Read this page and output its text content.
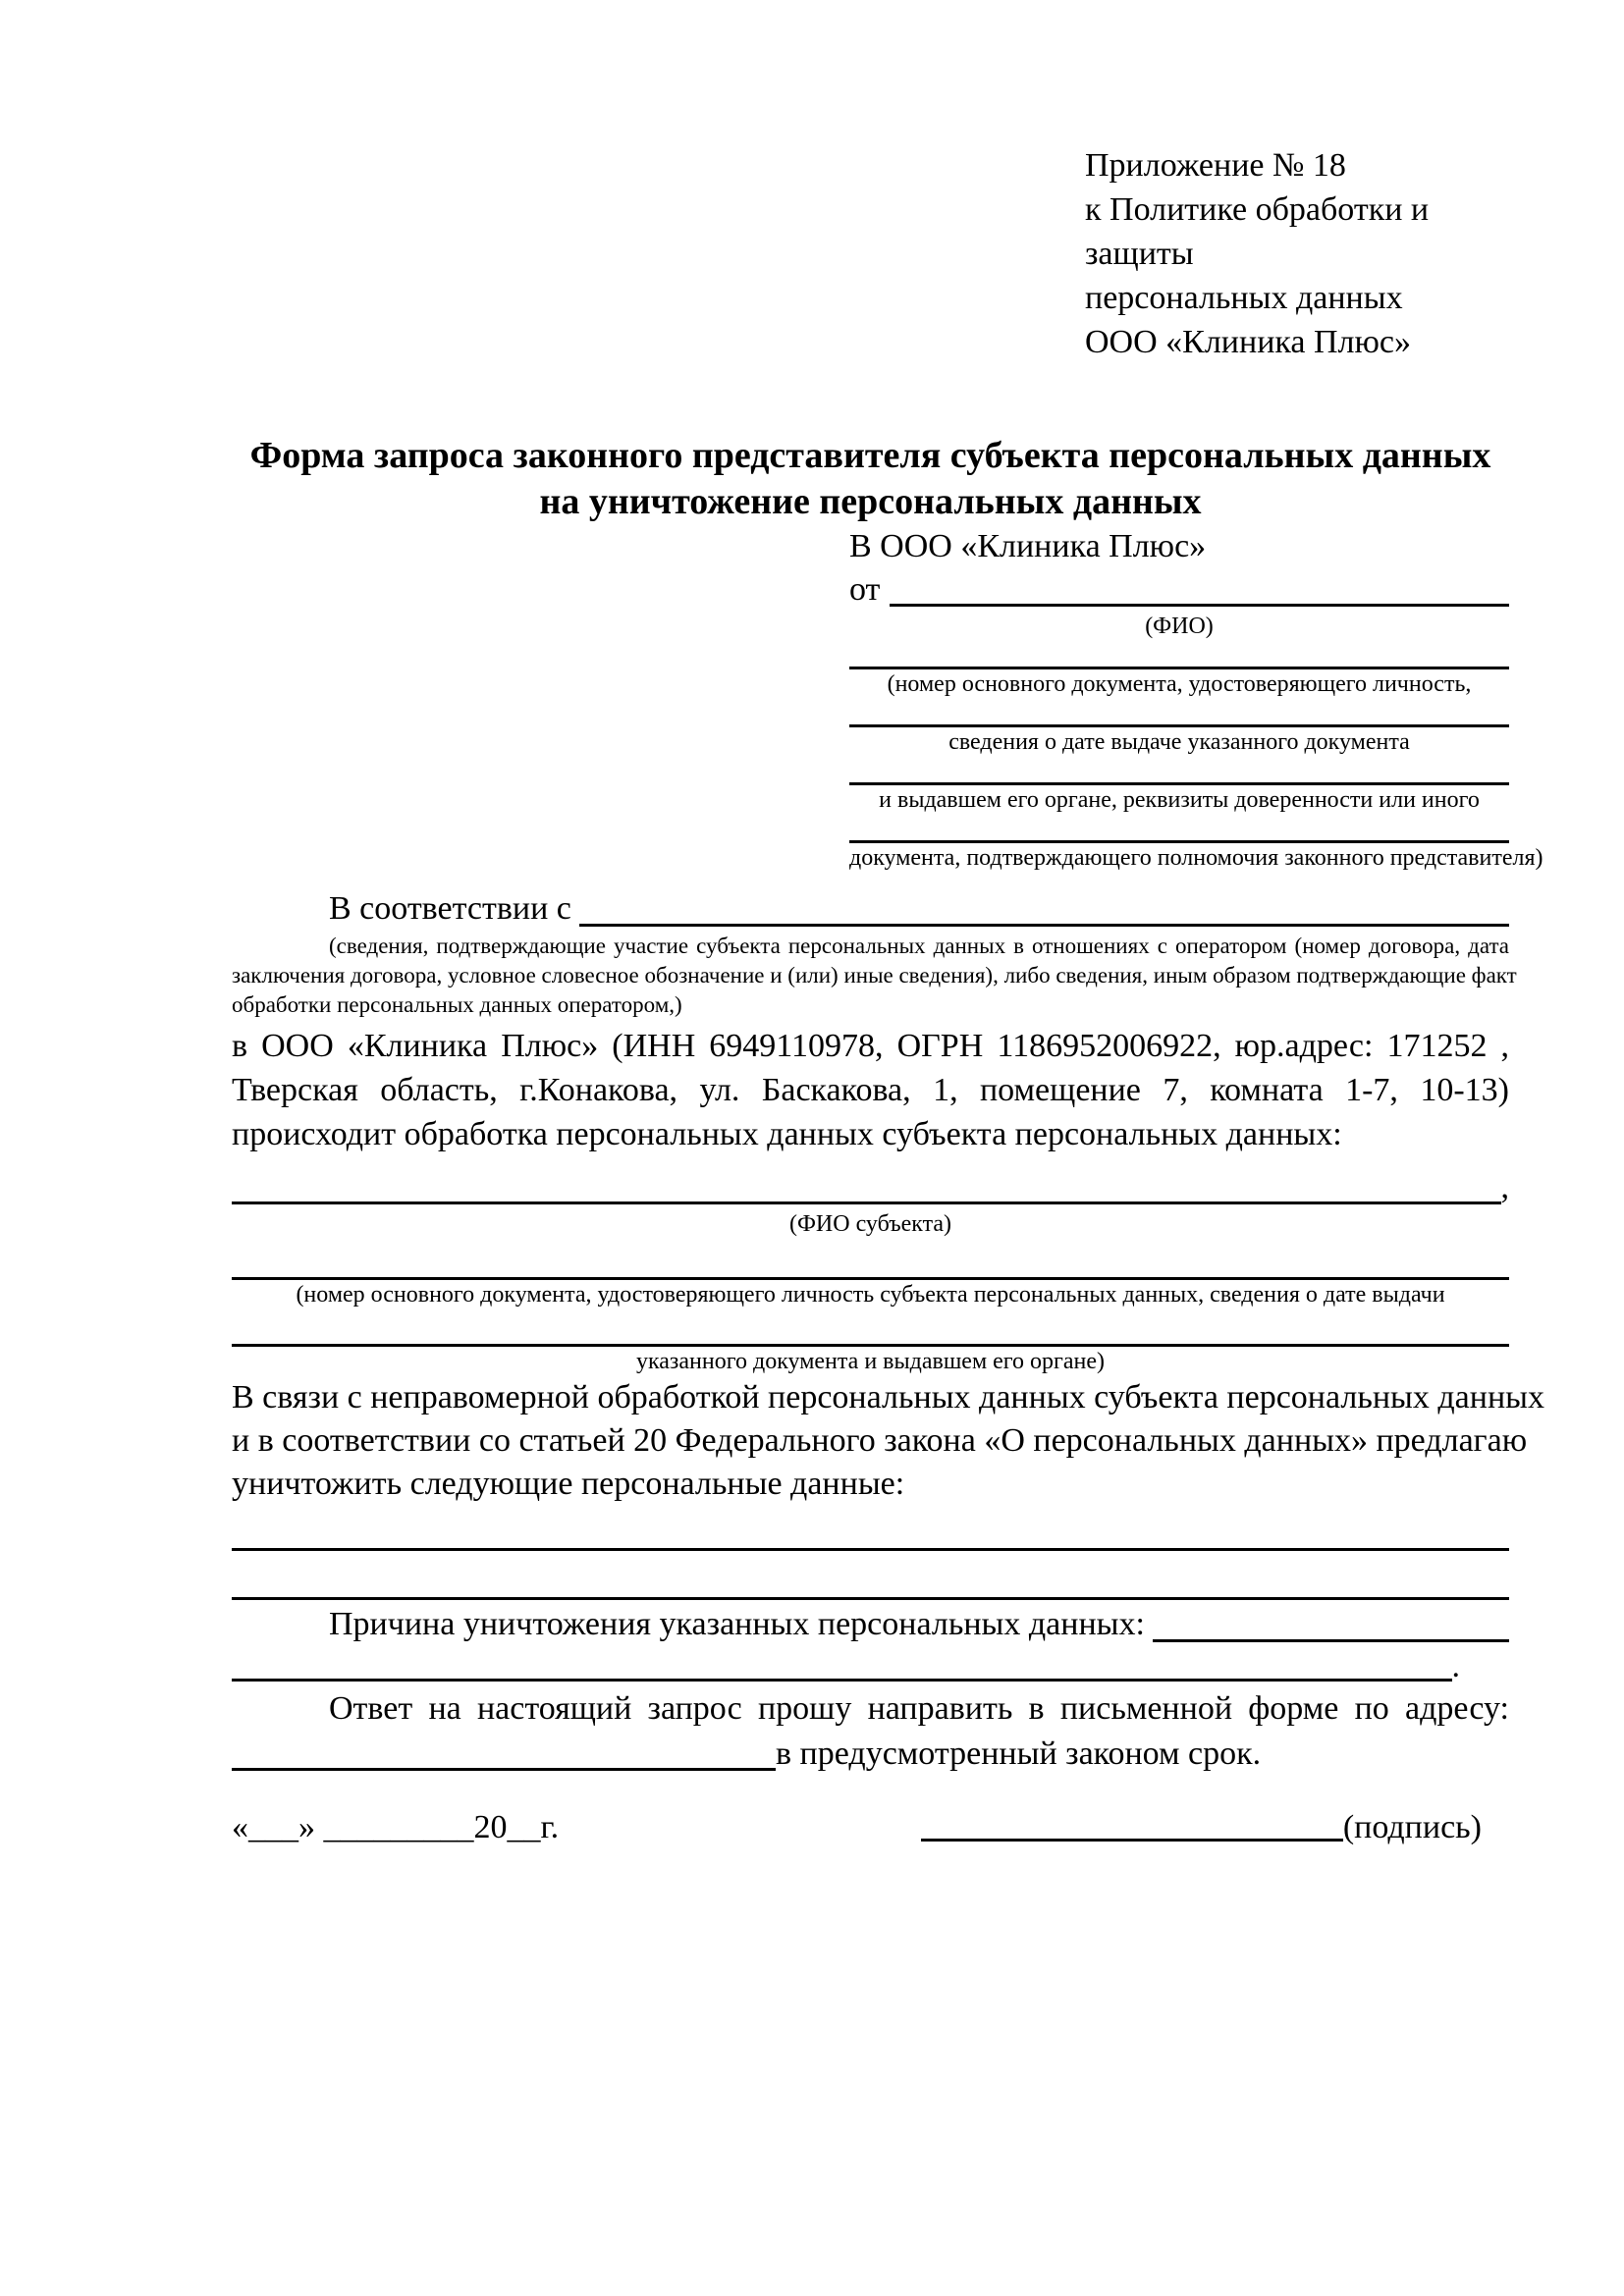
Приложение № 18
к Политике обработки и защиты
персональных данных
ООО «Клиника Плюс»
Форма запроса законного представителя субъекта персональных данных
на уничтожение персональных данных
В ООО «Клиника Плюс»
от
(ФИО)
(номер основного документа, удостоверяющего личность,
сведения о дате выдаче указанного документа
и выдавшем его органе, реквизиты доверенности или иного
документа, подтверждающего полномочия законного представителя)
В соответствии с
(сведения, подтверждающие участие субъекта персональных данных в отношениях с оператором (номер договора, дата
заключения договора, условное словесное обозначение и (или) иные сведения), либо сведения, иным образом подтверждающие факт
обработки персональных данных оператором,)
в ООО «Клиника Плюс» (ИНН 6949110978, ОГРН 1186952006922, юр.адрес: 171252 ,
Тверская область, г.Конакова, ул. Баскакова, 1, помещение 7, комната 1-7, 10-13)
происходит обработка персональных данных субъекта персональных данных:
,
(ФИО субъекта)
(номер основного документа, удостоверяющего личность субъекта персональных данных, сведения о дате выдачи
указанного документа и выдавшем его органе)
В связи с неправомерной обработкой персональных данных субъекта персональных данных
и в соответствии со статьей 20 Федерального закона «О персональных данных» предлагаю
уничтожить следующие персональные данные:
Причина уничтожения указанных персональных данных:
.
Ответ на настоящий запрос прошу направить в письменной форме по адресу:
в предусмотренный законом срок.
«___» _________20__г.	(подпись)
